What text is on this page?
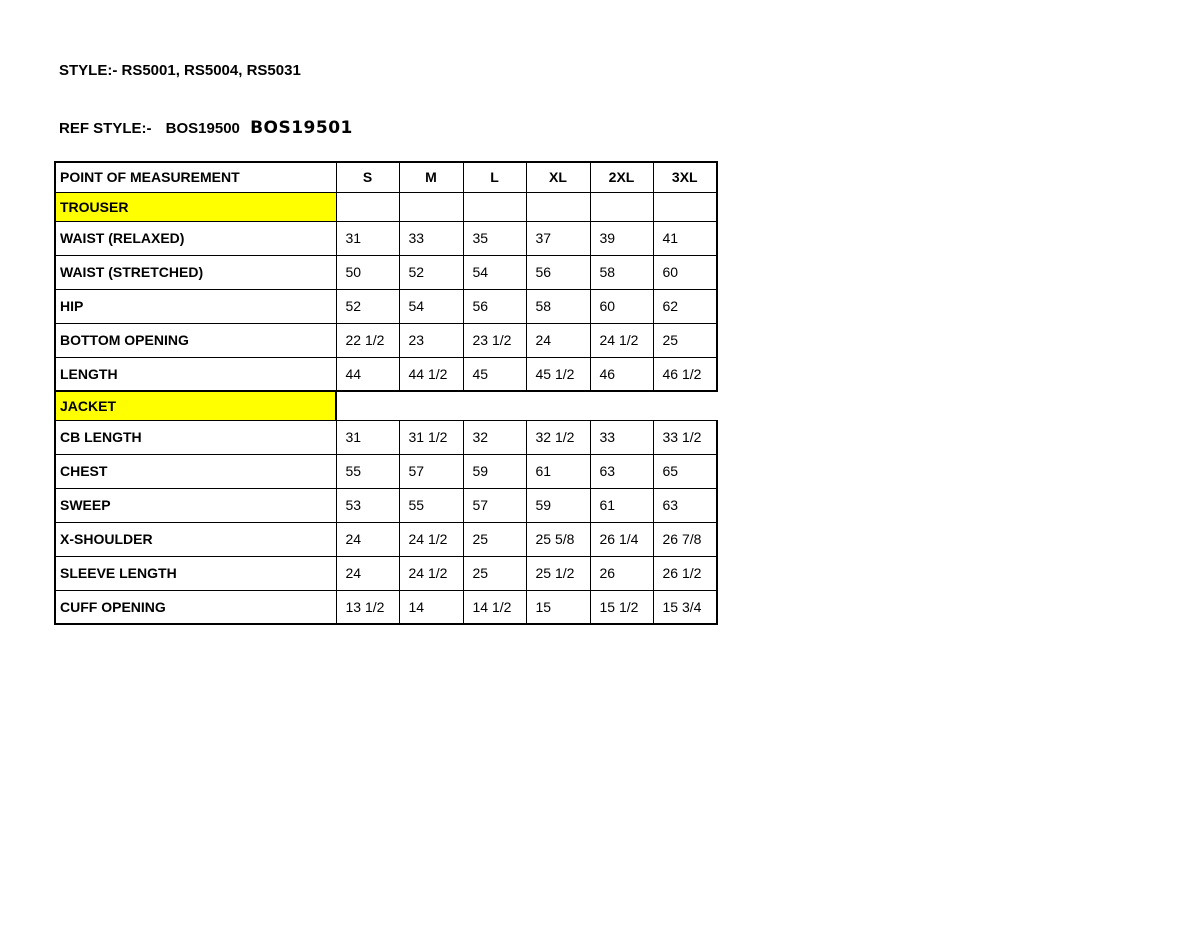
STYLE:- RS5001, RS5004, RS5031
REF STYLE:- BOS19500 BOS19501
POINT OF MEASUREMENT	S	M	L	XL	2XL	3XL
TROUSER						
WAIST (RELAXED)	31	33	35	37	39	41
WAIST (STRETCHED)	50	52	54	56	58	60
HIP	52	54	56	58	60	62
BOTTOM OPENING	22 1/2	23	23 1/2	24	24 1/2	25
LENGTH	44	44 1/2	45	45 1/2	46	46 1/2
JACKET						
CB LENGTH	31	31 1/2	32	32 1/2	33	33 1/2
CHEST	55	57	59	61	63	65
SWEEP	53	55	57	59	61	63
X-SHOULDER	24	24 1/2	25	25 5/8	26 1/4	26 7/8
SLEEVE LENGTH	24	24 1/2	25	25 1/2	26	26 1/2
CUFF OPENING	13 1/2	14	14 1/2	15	15 1/2	15 3/4
